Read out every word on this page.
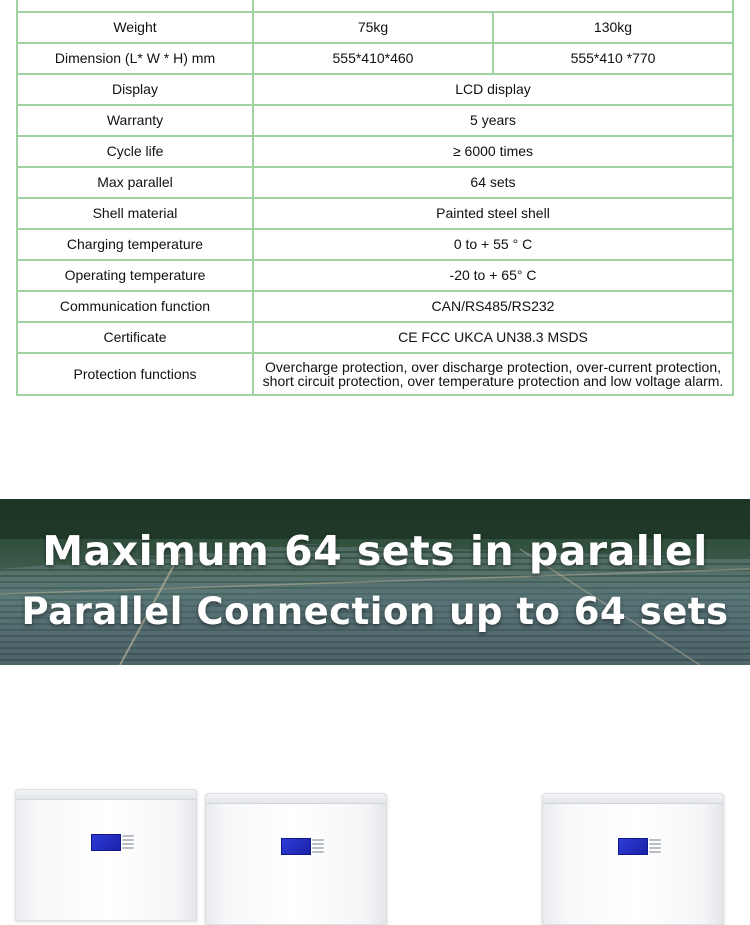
Weight	75kg	130kg
Dimension (L* W * H) mm	555*410*460	555*410 *770
Display	LCD display	
Warranty	5 years	
Cycle life	≥ 6000 times	
Max parallel	64 sets	
Shell material	Painted steel shell	
Charging temperature	0 to + 55 ° C	
Operating temperature	-20 to + 65° C	
Communication function	CAN/RS485/RS232	
Certificate	CE FCC UKCA UN38.3 MSDS	
Protection functions	Overcharge protection, over discharge protection, over-current protection,
short circuit protection, over temperature protection and low voltage alarm.	
Maximum 64 sets in parallel
Parallel Connection up to 64 sets
